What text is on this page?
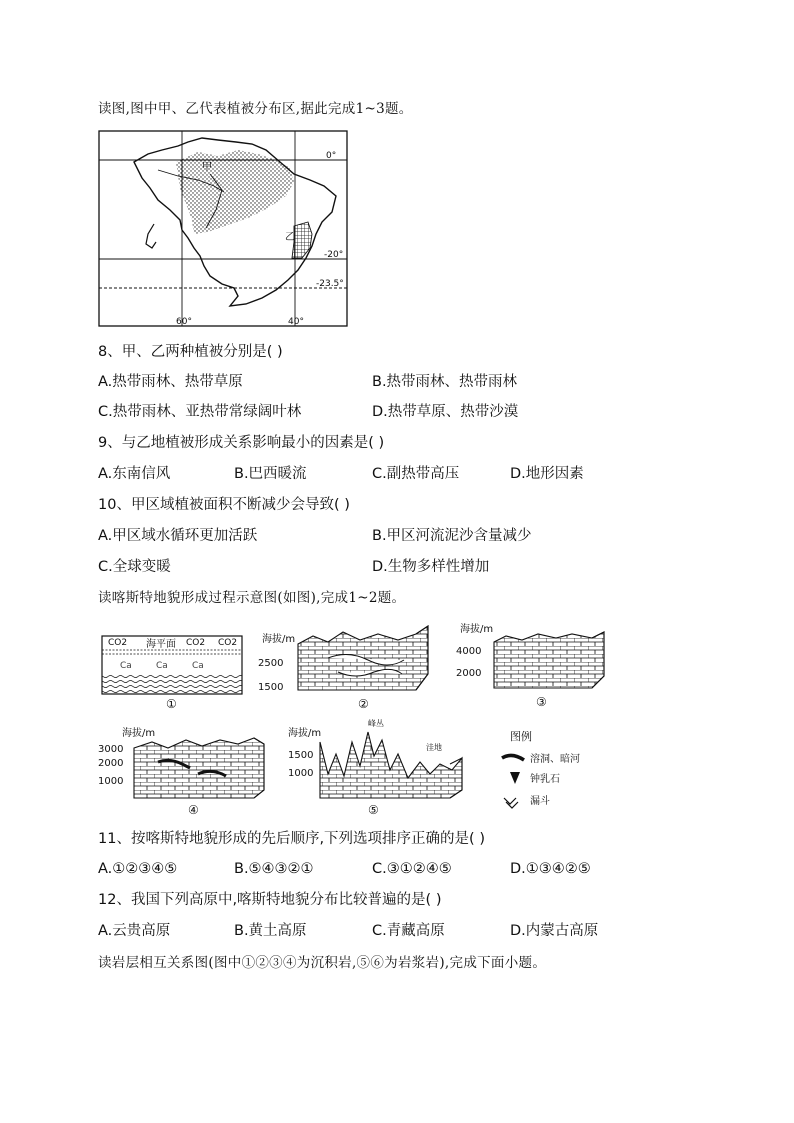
读图,图中甲、乙代表植被分布区,据此完成1~3题。
甲
乙
0°
-20°
-23.5°
60°	40°
8、甲、乙两种植被分别是( )
A.热带雨林、热带草原	B.热带雨林、热带雨林
C.热带雨林、亚热带常绿阔叶林	D.热带草原、热带沙漠
9、与乙地植被形成关系影响最小的因素是( )
A.东南信风	B.巴西暖流	C.副热带高压	D.地形因素
10、甲区域植被面积不断减少会导致( )
A.甲区域水循环更加活跃	B.甲区河流泥沙含量减少
C.全球变暖	D.生物多样性增加
读喀斯特地貌形成过程示意图(如图),完成1~2题。
CO2 海平面 CO2 CO2
Ca	Ca	Ca
①
海拔/m
2500
1500
②
海拔/m
4000
2000
③
海拔/m
3000
2000
1000
④
海拔/m
峰丛
洼地
1500
1000
⑤
图例
溶洞、暗河
钟乳石
漏斗
11、按喀斯特地貌形成的先后顺序,下列选项排序正确的是( )
A.①②③④⑤	B.⑤④③②①	C.③①②④⑤	D.①③④②⑤
12、我国下列高原中,喀斯特地貌分布比较普遍的是( )
A.云贵高原	B.黄土高原	C.青藏高原	D.内蒙古高原
读岩层相互关系图(图中①②③④为沉积岩,⑤⑥为岩浆岩),完成下面小题。
